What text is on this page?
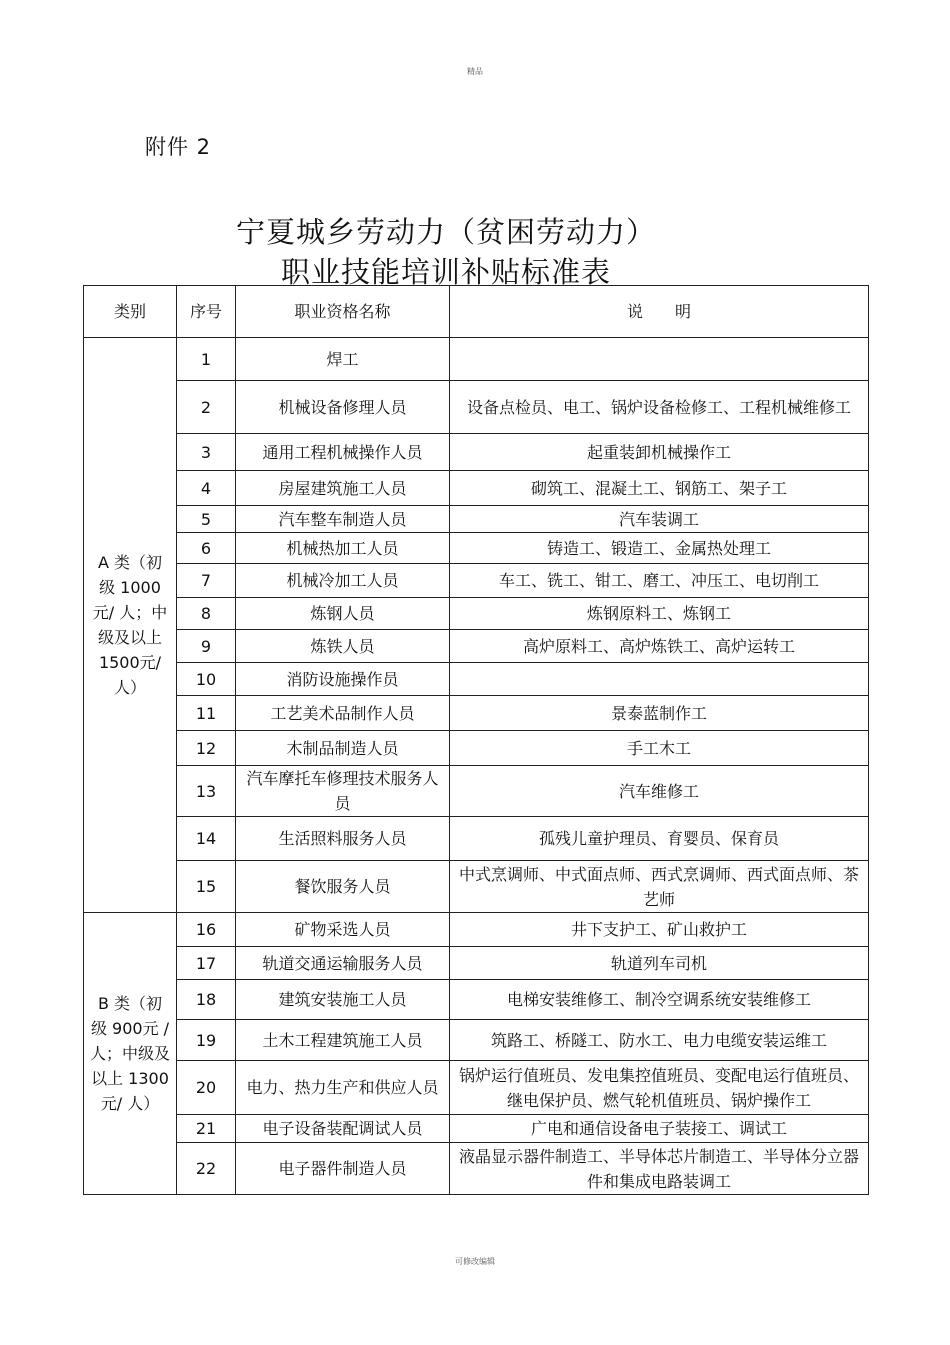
精品
附件 2
宁夏城乡劳动力（贫困劳动力）
职业技能培训补贴标准表
类别	序号	职业资格名称	说　　明
A 类（初级 1000 元/ 人；中级及以上 1500元/ 人）	1	焊工	
	2	机械设备修理人员	设备点检员、电工、锅炉设备检修工、工程机械维修工
	3	通用工程机械操作人员	起重装卸机械操作工
	4	房屋建筑施工人员	砌筑工、混凝土工、钢筋工、架子工
	5	汽车整车制造人员	汽车装调工
	6	机械热加工人员	铸造工、锻造工、金属热处理工
	7	机械冷加工人员	车工、铣工、钳工、磨工、冲压工、电切削工
	8	炼钢人员	炼钢原料工、炼钢工
	9	炼铁人员	高炉原料工、高炉炼铁工、高炉运转工
	10	消防设施操作员	
	11	工艺美术品制作人员	景泰蓝制作工
	12	木制品制造人员	手工木工
	13	汽车摩托车修理技术服务人员	汽车维修工
	14	生活照料服务人员	孤残儿童护理员、育婴员、保育员
	15	餐饮服务人员	中式烹调师、中式面点师、西式烹调师、西式面点师、茶艺师
B 类（初级 900元 / 人；中级及以上 1300 元/ 人）	16	矿物采选人员	井下支护工、矿山救护工
	17	轨道交通运输服务人员	轨道列车司机
	18	建筑安装施工人员	电梯安装维修工、制冷空调系统安装维修工
	19	土木工程建筑施工人员	筑路工、桥隧工、防水工、电力电缆安装运维工
	20	电力、热力生产和供应人员	锅炉运行值班员、发电集控值班员、变配电运行值班员、继电保护员、燃气轮机值班员、锅炉操作工
	21	电子设备装配调试人员	广电和通信设备电子装接工、调试工
	22	电子器件制造人员	液晶显示器件制造工、半导体芯片制造工、半导体分立器件和集成电路装调工
可修改编辑
